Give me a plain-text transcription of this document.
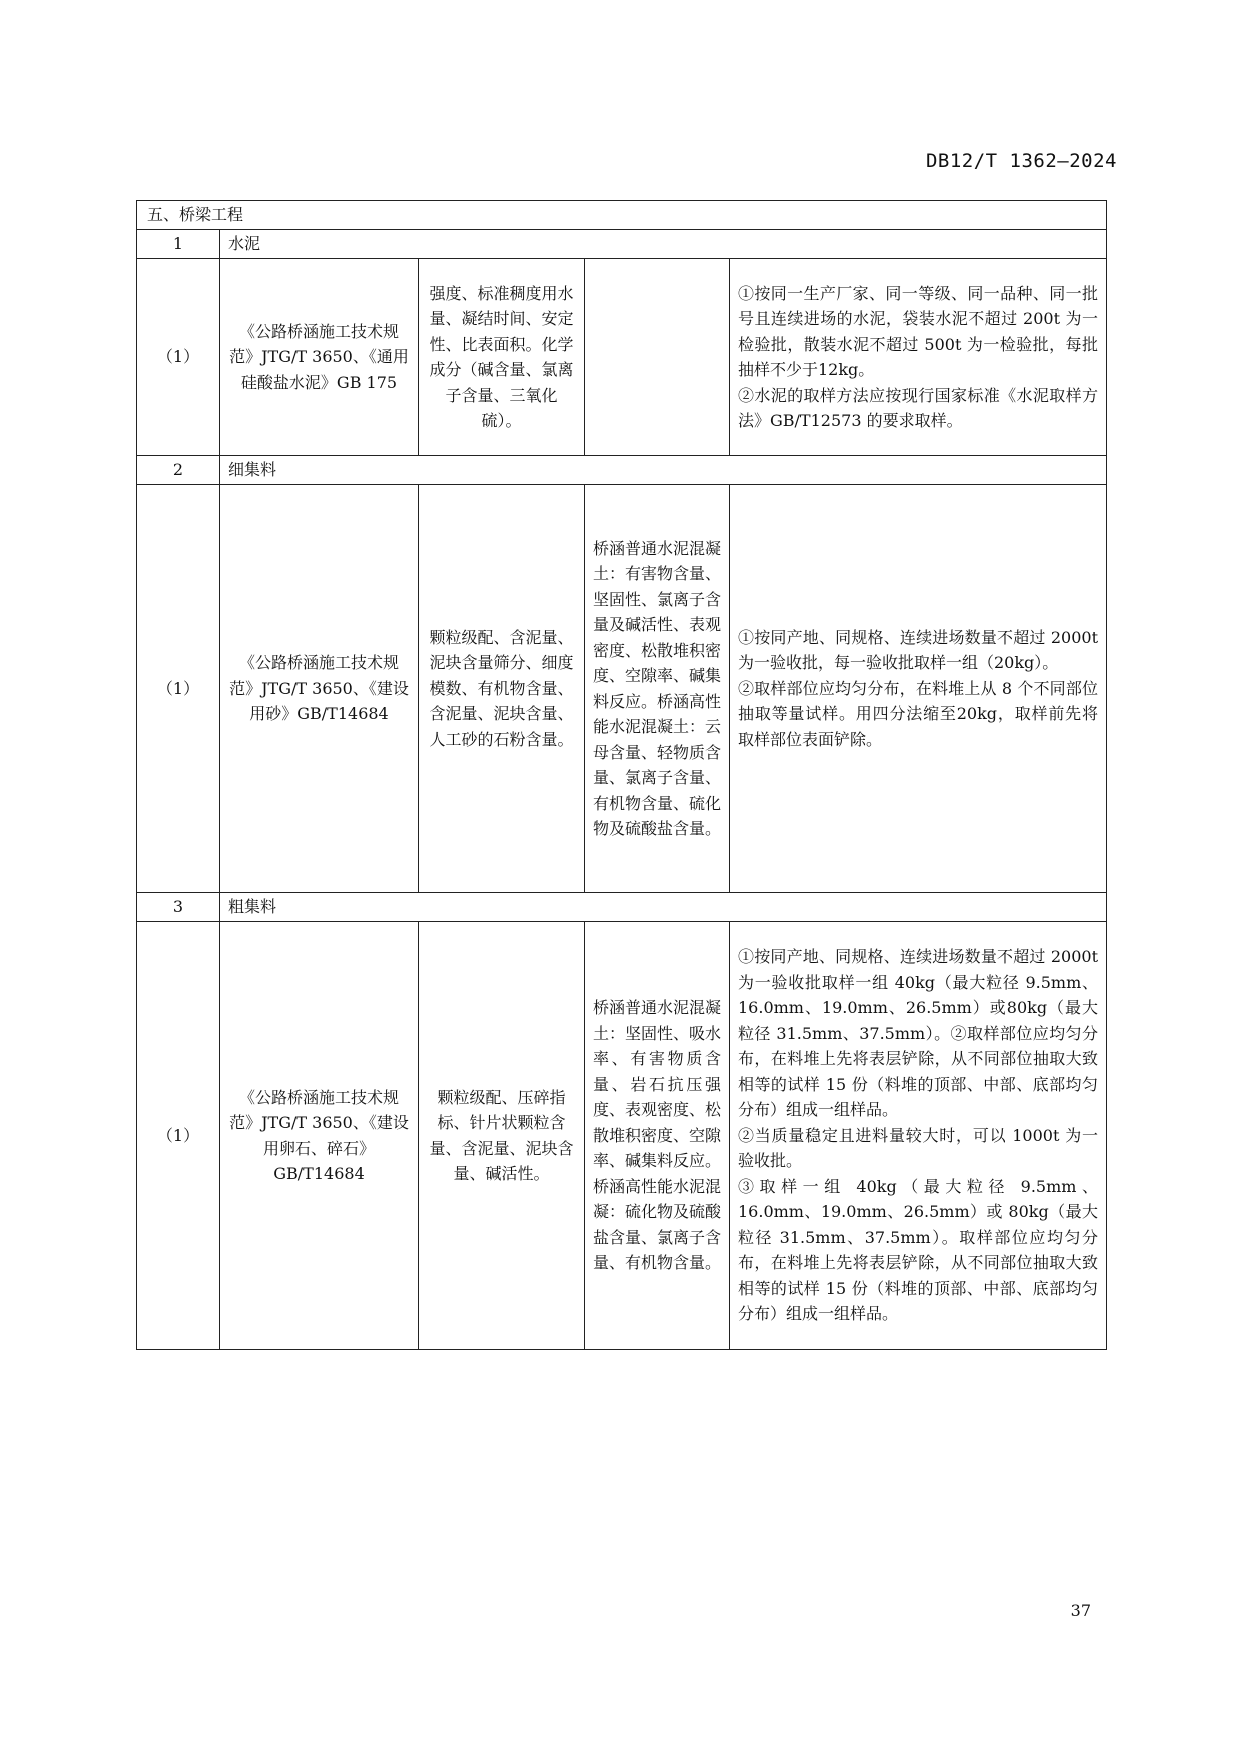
DB12/T 1362—2024
五、桥梁工程				
1	水泥			
（1）	《公路桥涵施工技术规范》JTG/T 3650、《通用硅酸盐水泥》GB 175	强度、标准稠度用水量、凝结时间、安定性、比表面积。化学成分（碱含量、氯离子含量、三氧化硫）。		①按同一生产厂家、同一等级、同一品种、同一批号且连续进场的水泥，袋装水泥不超过 200t 为一检验批，散装水泥不超过 500t 为一检验批，每批抽样不少于12kg。
②水泥的取样方法应按现行国家标准《水泥取样方法》GB/T12573 的要求取样。

2	细集料			
（1）	《公路桥涵施工技术规范》JTG/T 3650、《建设用砂》GB/T14684	颗粒级配、含泥量、泥块含量筛分、细度模数、有机物含量、含泥量、泥块含量、人工砂的石粉含量。	桥涵普通水泥混凝土：有害物含量、坚固性、氯离子含量及碱活性、表观密度、松散堆积密度、空隙率、碱集料反应。桥涵高性能水泥混凝土：云母含量、轻物质含量、氯离子含量、有机物含量、硫化物及硫酸盐含量。	①按同产地、同规格、连续进场数量不超过 2000t 为一验收批，每一验收批取样一组（20kg）。
②取样部位应均匀分布，在料堆上从 8 个不同部位抽取等量试样。用四分法缩至20kg，取样前先将取样部位表面铲除。

3	粗集料			
（1）	《公路桥涵施工技术规范》JTG/T 3650、《建设用卵石、碎石》GB/T14684	颗粒级配、压碎指标、针片状颗粒含量、含泥量、泥块含量、碱活性。	桥涵普通水泥混凝土：坚固性、吸水率、有害物质含量、岩石抗压强度、表观密度、松散堆积密度、空隙率、碱集料反应。桥涵高性能水泥混凝：硫化物及硫酸盐含量、氯离子含量、有机物含量。	①按同产地、同规格、连续进场数量不超过 2000t 为一验收批取样一组 40kg（最大粒径 9.5mm、16.0mm、19.0mm、26.5mm）或80kg（最大粒径 31.5mm、37.5mm）。②取样部位应均匀分布，在料堆上先将表层铲除，从不同部位抽取大致相等的试样 15 份（料堆的顶部、中部、底部均匀分布）组成一组样品。
②当质量稳定且进料量较大时，可以 1000t 为一验收批。
③取样一组 40kg（最大粒径 9.5mm、16.0mm、19.0mm、26.5mm）或 80kg（最大粒径 31.5mm、37.5mm）。取样部位应均匀分布，在料堆上先将表层铲除，从不同部位抽取大致相等的试样 15 份（料堆的顶部、中部、底部均匀分布）组成一组样品。
37
